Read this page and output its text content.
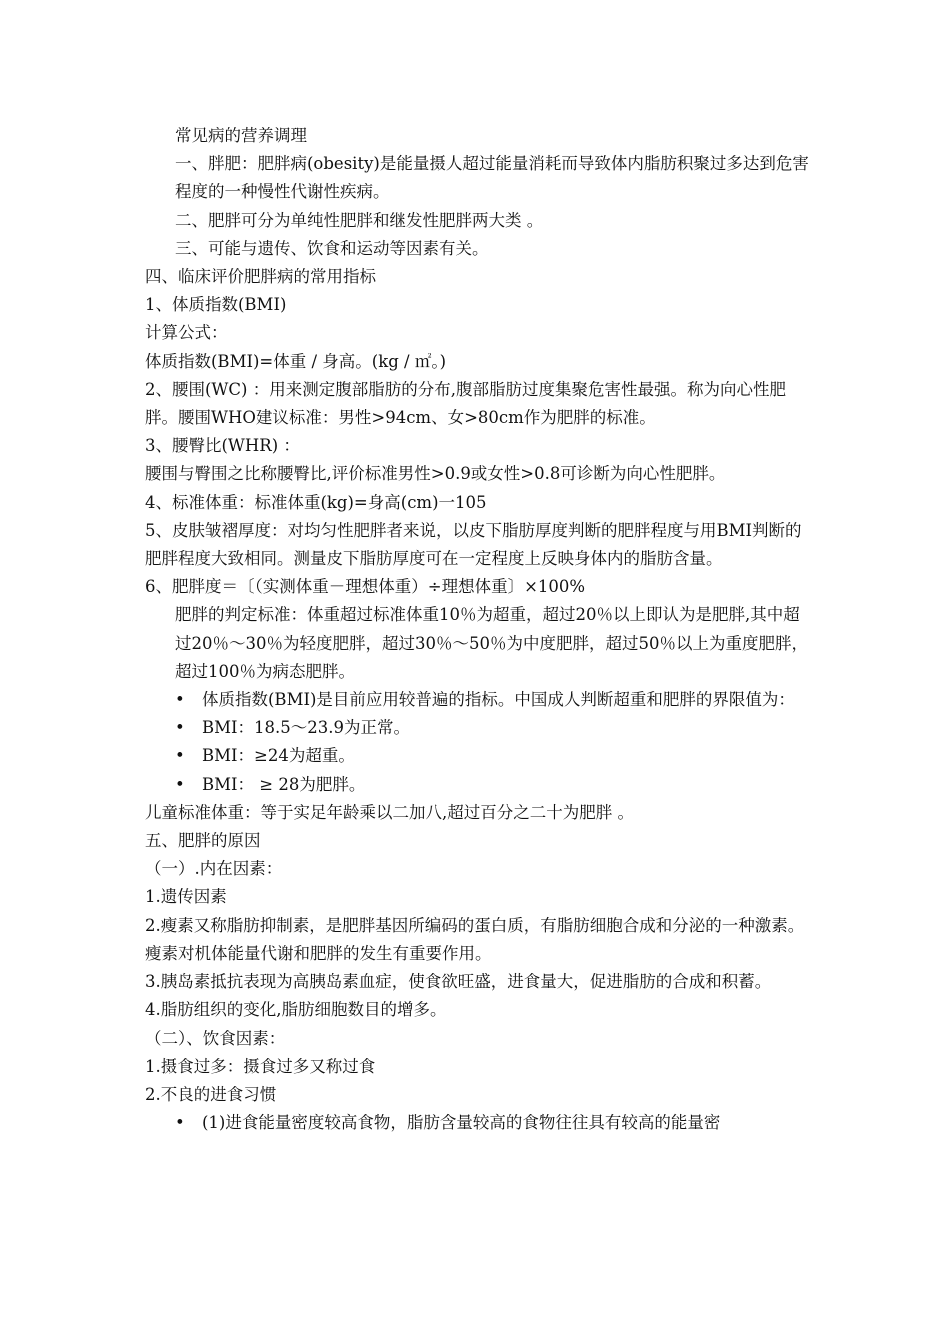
常见病的营养调理

一、胖肥：肥胖病(obesity)是能量摄人超过能量消耗而导致体内脂肪积聚过多达到危害程度的一种慢性代谢性疾病。

二、肥胖可分为单纯性肥胖和继发性肥胖两大类 。

三、可能与遗传、饮食和运动等因素有关。

四、临床评价肥胖病的常用指标

1、体质指数(BMI)

计算公式：

体质指数(BMI)=体重 / 身高。(kg / ㎡。)

2、腰围(WC) ：用来测定腹部脂肪的分布,腹部脂肪过度集聚危害性最强。称为向心性肥胖。腰围WHO建议标准：男性>94cm、女>80cm作为肥胖的标准。

3、腰臀比(WHR) ：

腰围与臀围之比称腰臀比,评价标准男性>0.9或女性>0.8可诊断为向心性肥胖。

4、标准体重：标准体重(kg)=身高(cm)一105

5、皮肤皱褶厚度：对均匀性肥胖者来说，以皮下脂肪厚度判断的肥胖程度与用BMI判断的肥胖程度大致相同。测量皮下脂肪厚度可在一定程度上反映身体内的脂肪含量。

6、肥胖度＝〔（实测体重－理想体重）÷理想体重〕×100%

肥胖的判定标准：体重超过标准体重10％为超重，超过20％以上即认为是肥胖,其中超过20％～30％为轻度肥胖，超过30％～50％为中度肥胖，超过50％以上为重度肥胖，超过100％为病态肥胖。

•	体质指数(BMI)是目前应用较普遍的指标。中国成人判断超重和肥胖的界限值为：

•	BMI：18.5～23.9为正常。

•	BMI：≥24为超重。

•	BMI： ≥ 28为肥胖。

儿童标准体重：等于实足年龄乘以二加八,超过百分之二十为肥胖 。

五、肥胖的原因

（一）.内在因素：

1.遗传因素

2.瘦素又称脂肪抑制素，是肥胖基因所编码的蛋白质，有脂肪细胞合成和分泌的一种激素。瘦素对机体能量代谢和肥胖的发生有重要作用。

3.胰岛素抵抗表现为高胰岛素血症，使食欲旺盛，进食量大，促进脂肪的合成和积蓄。

4.脂肪组织的变化,脂肪细胞数目的增多。

（二）、饮食因素：

1.摄食过多：摄食过多又称过食

2.不良的进食习惯

•	(1)进食能量密度较高食物，脂肪含量较高的食物往往具有较高的能量密
